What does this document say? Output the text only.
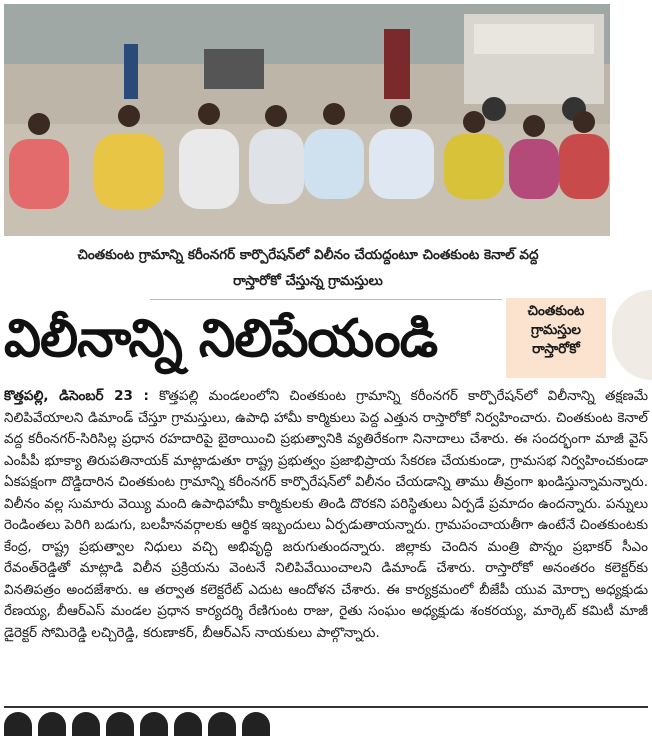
చింతకుంట గ్రామాన్ని కరీంనగర్ కార్పొరేషన్‌లో విలీనం చేయద్దంటూ చింతకుంట కెనాల్ వద్ద
రాస్తారోకో చేస్తున్న గ్రామస్తులు
విలీనాన్ని నిలిపేయండి	చింతకుంట
గ్రామస్తుల
రాస్తారోకో
కొత్తపల్లి, డిసెంబర్ 23 : కొత్తపల్లి మండలంలోని చింతకుంట గ్రామాన్ని కరీంనగర్ కార్పొరేషన్‌లో విలీనాన్ని తక్షణమే నిలిపివేయాలని డిమాండ్ చేస్తూ గ్రామస్తులు, ఉపాధి హామీ కార్మికులు పెద్ద ఎత్తున రాస్తారోకో నిర్వహించారు. చింతకుంట కెనాల్ వద్ద కరీంనగర్-సిరిసిల్ల ప్రధాన రహదారిపై బైఠాయించి ప్రభుత్వానికి వ్యతిరేకంగా నినాదాలు చేశారు. ఈ సందర్భంగా మాజీ వైస్ ఎంపీపీ భూక్యా తిరుపతినాయక్ మాట్లాడుతూ రాష్ట్ర ప్రభుత్వం ప్రజాభిప్రాయ సేకరణ చేయకుండా, గ్రామసభ నిర్వహించకుండా ఏకపక్షంగా దొడ్డిదారిన చింతకుంట గ్రామాన్ని కరీంనగర్ కార్పొరేషన్‌లో విలీనం చేయడాన్ని తాము తీవ్రంగా ఖండిస్తున్నామన్నారు. విలీనం వల్ల సుమారు వెయ్యి మంది ఉపాధిహామీ కార్మికులకు తిండి దొరకని పరిస్థితులు ఏర్పడే ప్రమాదం ఉందన్నారు. పన్నులు రెండింతలు పెరిగి బడుగు, బలహీనవర్గాలకు ఆర్థిక ఇబ్బందులు ఏర్పడుతాయన్నారు. గ్రామపంచాయతీగా ఉంటేనే చింతకుంటకు కేంద్ర, రాష్ట్ర ప్రభుత్వాల నిధులు వచ్చి అభివృద్ధి జరుగుతుందన్నారు. జిల్లాకు చెందిన మంత్రి పొన్నం ప్రభాకర్ సీఎం రేవంత్‌రెడ్డితో మాట్లాడి విలీన ప్రక్రియను వెంటనే నిలిపివేయించాలని డిమాండ్ చేశారు. రాస్తారోకో అనంతరం కలెక్టర్‌కు వినతిపత్రం అందజేశారు. ఆ తర్వాత కలెక్టరేట్ ఎదుట ఆందోళన చేశారు. ఈ కార్యక్రమంలో బీజేపీ యువ మోర్చా అధ్యక్షుడు రేణయ్య, బీఆర్ఎస్ మండల ప్రధాన కార్యదర్శి రేణిగుంట రాజు, రైతు సంఘం అధ్యక్షుడు శంకరయ్య, మార్కెట్ కమిటీ మాజీ డైరెక్టర్ సోమిరెడ్డి లచ్చిరెడ్డి, కరుణాకర్, బీఆర్ఎస్ నాయకులు పాల్గొన్నారు.
